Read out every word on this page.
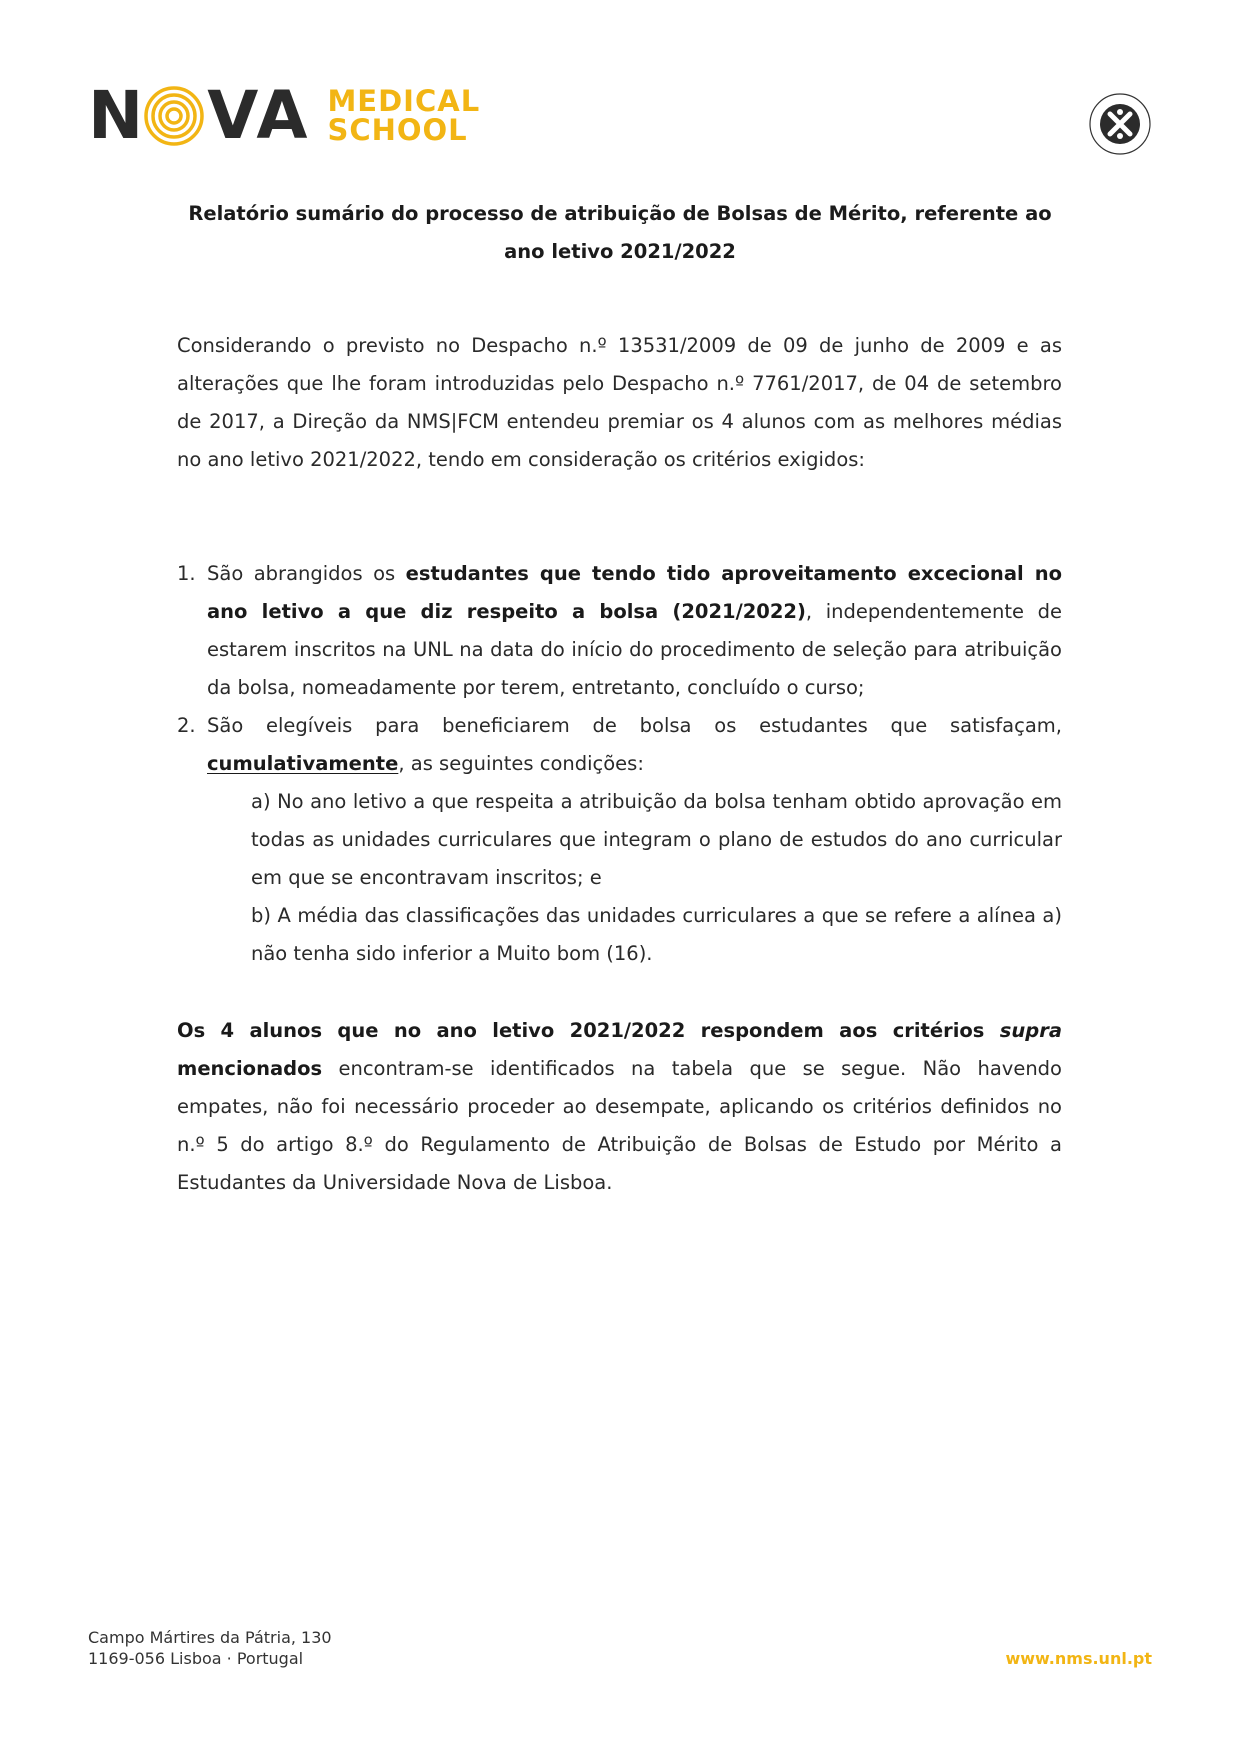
N V A MEDICAL
SCHOOL
Relatório sumário do processo de atribuição de Bolsas de Mérito, referente ao
ano letivo 2021/2022
Considerando o previsto no Despacho n.º 13531/2009 de 09 de junho de 2009 e as alterações que lhe foram introduzidas pelo Despacho n.º 7761/2017, de 04 de setembro de 2017, a Direção da NMS|FCM entendeu premiar os 4 alunos com as melhores médias no ano letivo 2021/2022, tendo em consideração os critérios exigidos:
1. São abrangidos os estudantes que tendo tido aproveitamento excecional no ano letivo a que diz respeito a bolsa (2021/2022), independentemente de estarem inscritos na UNL na data do início do procedimento de seleção para atribuição da bolsa, nomeadamente por terem, entretanto, concluído o curso;
2. São elegíveis para beneficiarem de bolsa os estudantes que satisfaçam, cumulativamente, as seguintes condições:
a) No ano letivo a que respeita a atribuição da bolsa tenham obtido aprovação em todas as unidades curriculares que integram o plano de estudos do ano curricular em que se encontravam inscritos; e
b) A média das classificações das unidades curriculares a que se refere a alínea a) não tenha sido inferior a Muito bom (16).
Os 4 alunos que no ano letivo 2021/2022 respondem aos critérios supra mencionados encontram-se identificados na tabela que se segue. Não havendo empates, não foi necessário proceder ao desempate, aplicando os critérios definidos no n.º 5 do artigo 8.º do Regulamento de Atribuição de Bolsas de Estudo por Mérito a Estudantes da Universidade Nova de Lisboa.
Campo Mártires da Pátria, 130
1169-056 Lisboa · Portugal	www.nms.unl.pt
